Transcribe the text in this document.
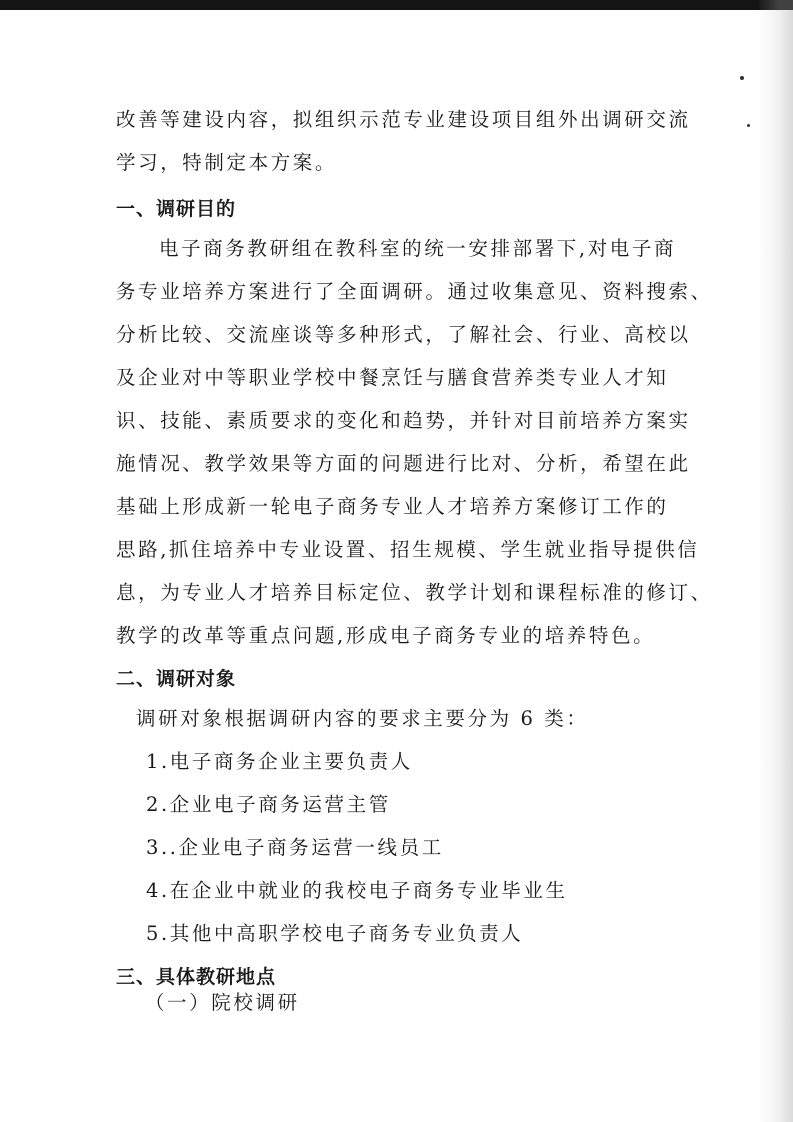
改善等建设内容，拟组织示范专业建设项目组外出调研交流
学习，特制定本方案。
一、调研目的
电子商务教研组在教科室的统一安排部署下,对电子商
务专业培养方案进行了全面调研。通过收集意见、资料搜索、
分析比较、交流座谈等多种形式，了解社会、行业、高校以
及企业对中等职业学校中餐烹饪与膳食营养类专业人才知
识、技能、素质要求的变化和趋势，并针对目前培养方案实
施情况、教学效果等方面的问题进行比对、分析，希望在此
基础上形成新一轮电子商务专业人才培养方案修订工作的
思路,抓住培养中专业设置、招生规模、学生就业指导提供信
息，为专业人才培养目标定位、教学计划和课程标准的修订、
教学的改革等重点问题,形成电子商务专业的培养特色。
二、调研对象
调研对象根据调研内容的要求主要分为 6 类：
1.电子商务企业主要负责人
2.企业电子商务运营主管
3..企业电子商务运营一线员工
4.在企业中就业的我校电子商务专业毕业生
5.其他中高职学校电子商务专业负责人
三、具体教研地点
（一）院校调研
